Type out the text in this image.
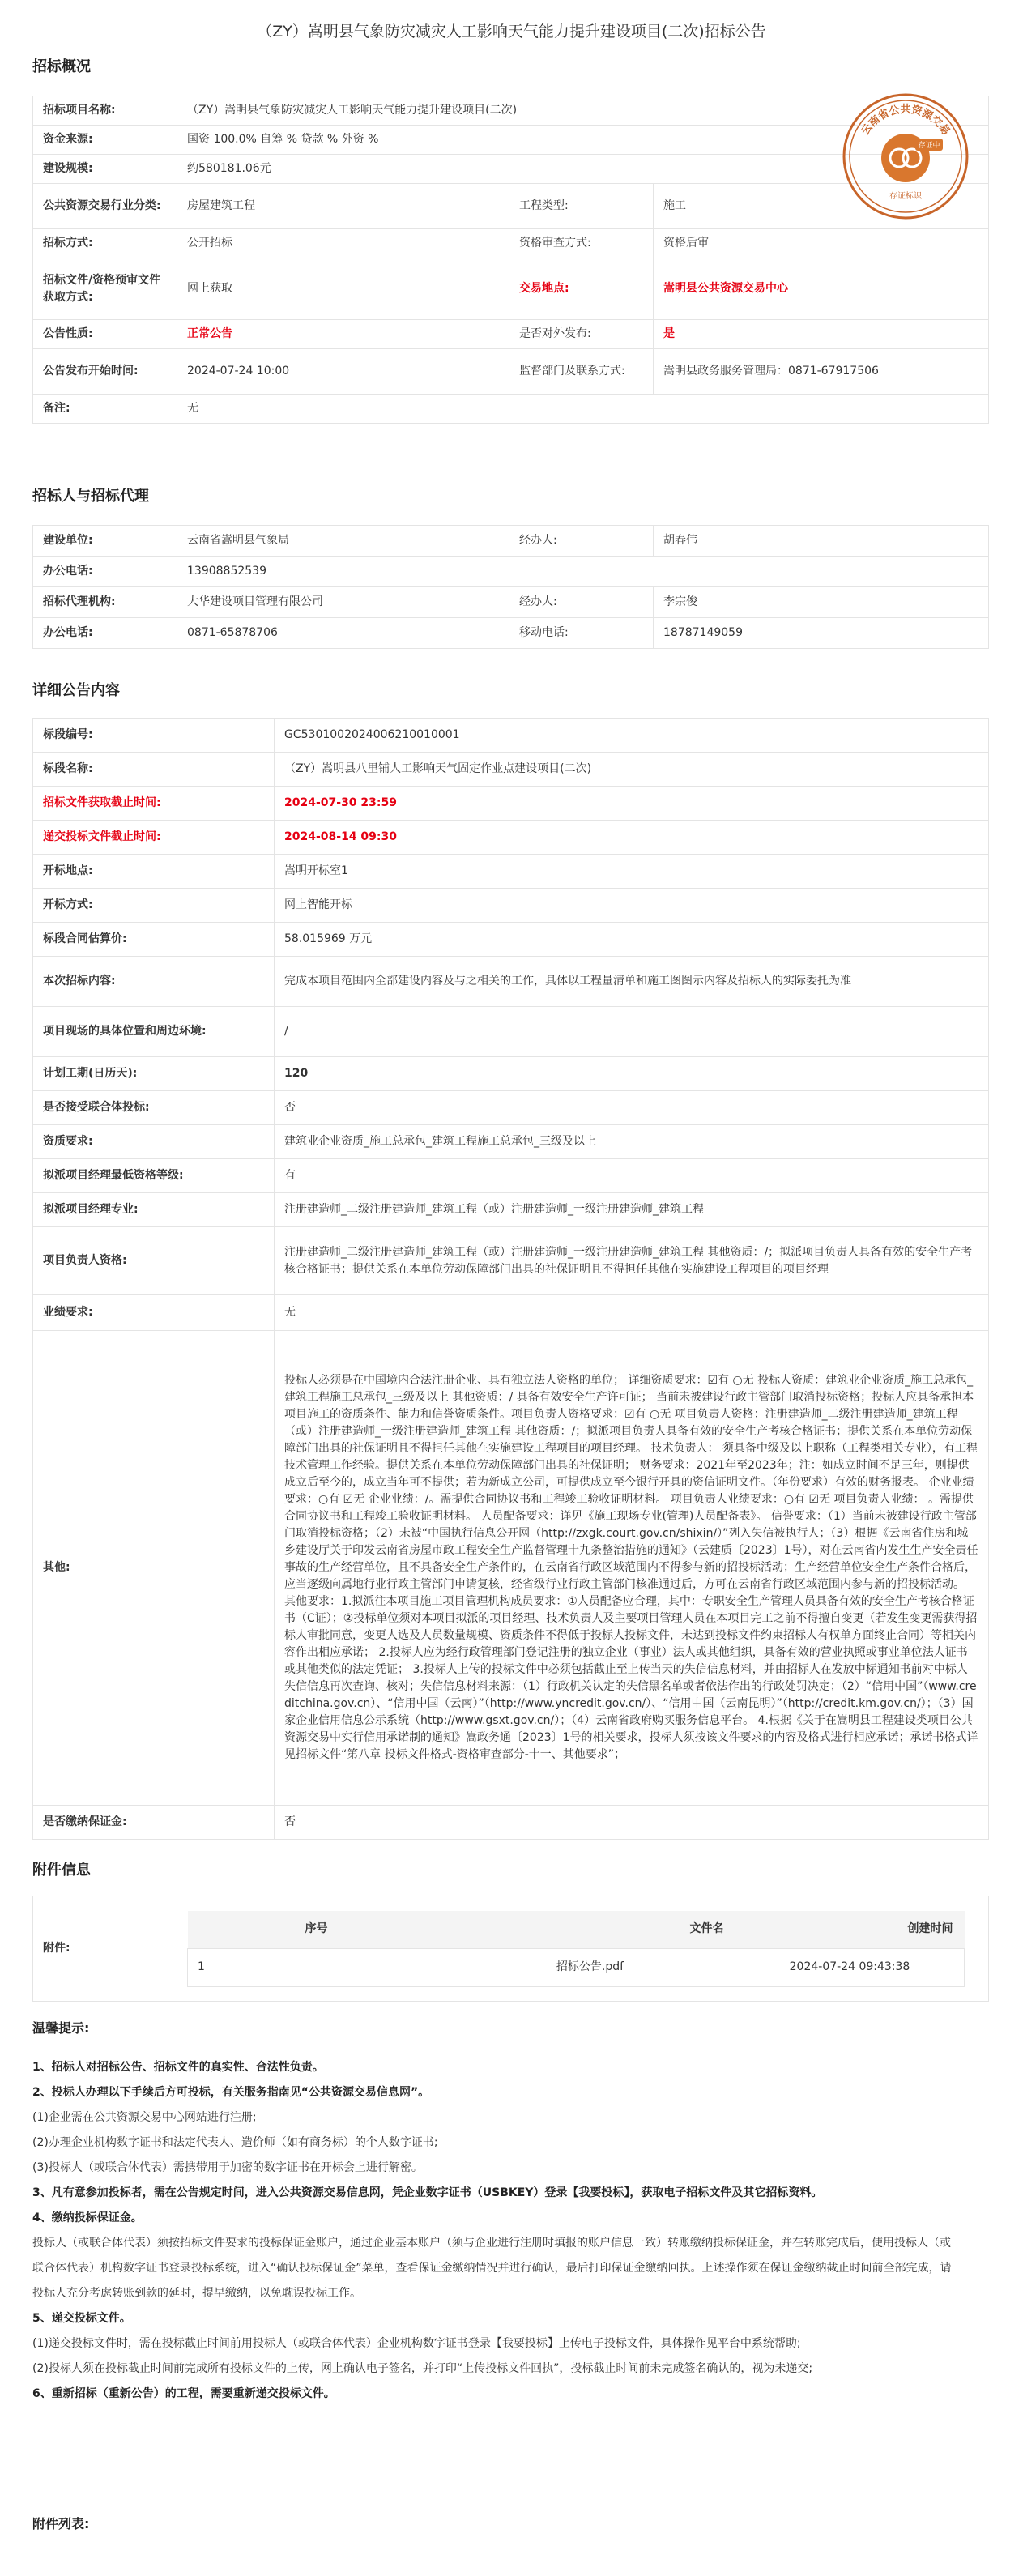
（ZY）嵩明县气象防灾减灾人工影响天气能力提升建设项目(二次)招标公告
招标概况
招标项目名称:	（ZY）嵩明县气象防灾减灾人工影响天气能力提升建设项目(二次)		
资金来源:	国资 100.0% 自筹 % 贷款 % 外资 %		
建设规模:	约580181.06元		
公共资源交易行业分类:	房屋建筑工程	工程类型:	施工
招标方式:	公开招标	资格审查方式:	资格后审
招标文件/资格预审文件获取方式:	网上获取	交易地点:	嵩明县公共资源交易中心
公告性质:	正常公告	是否对外发布:	是
公告发布开始时间:	2024-07-24 10:00	监督部门及联系方式:	嵩明县政务服务管理局：0871-67917506
备注:	无		
云南省公共资源交易
存证中
存证标识
招标人与招标代理
建设单位:	云南省嵩明县气象局	经办人:	胡春伟
办公电话:	13908852539		
招标代理机构:	大华建设项目管理有限公司	经办人:	李宗俊
办公电话:	0871-65878706	移动电话:	18787149059
详细公告内容
标段编号:	GC5301002024006210010001
标段名称:	（ZY）嵩明县八里铺人工影响天气固定作业点建设项目(二次)
招标文件获取截止时间:	2024-07-30 23:59
递交投标文件截止时间:	2024-08-14 09:30
开标地点:	嵩明开标室1
开标方式:	网上智能开标
标段合同估算价:	58.015969 万元
本次招标内容:	完成本项目范围内全部建设内容及与之相关的工作，具体以工程量清单和施工图图示内容及招标人的实际委托为准
项目现场的具体位置和周边环境:	/
计划工期(日历天):	120
是否接受联合体投标:	否
资质要求:	建筑业企业资质_施工总承包_建筑工程施工总承包_三级及以上
拟派项目经理最低资格等级:	有
拟派项目经理专业:	注册建造师_二级注册建造师_建筑工程（或）注册建造师_一级注册建造师_建筑工程
项目负责人资格:	注册建造师_二级注册建造师_建筑工程（或）注册建造师_一级注册建造师_建筑工程 其他资质：/；拟派项目负责人具备有效的安全生产考核合格证书；提供关系在本单位劳动保障部门出具的社保证明且不得担任其他在实施建设工程项目的项目经理
业绩要求:	无
其他:	投标人必须是在中国境内合法注册企业、具有独立法人资格的单位； 详细资质要求：☑有 ○无 投标人资质：建筑业企业资质_施工总承包_建筑工程施工总承包_三级及以上 其他资质：/ 具备有效安全生产许可证； 当前未被建设行政主管部门取消投标资格；投标人应具备承担本项目施工的资质条件、能力和信誉资质条件。项目负责人资格要求：☑有 ○无 项目负责人资格：注册建造师_二级注册建造师_建筑工程（或）注册建造师_一级注册建造师_建筑工程 其他资质：/；拟派项目负责人具备有效的安全生产考核合格证书；提供关系在本单位劳动保障部门出具的社保证明且不得担任其他在实施建设工程项目的项目经理。 技术负责人： 须具备中级及以上职称（工程类相关专业），有工程技术管理工作经验。提供关系在本单位劳动保障部门出具的社保证明； 财务要求：2021年至2023年；注：如成立时间不足三年，则提供成立后至今的，成立当年可不提供；若为新成立公司，可提供成立至今银行开具的资信证明文件。（年份要求）有效的财务报表。 企业业绩要求：○有 ☑无 企业业绩：/。需提供合同协议书和工程竣工验收证明材料。 项目负责人业绩要求：○有 ☑无 项目负责人业绩： 。需提供合同协议书和工程竣工验收证明材料。 人员配备要求：详见《施工现场专业(管理)人员配备表》。 信誉要求：（1）当前未被建设行政主管部门取消投标资格；（2）未被“中国执行信息公开网（http://zxgk.court.gov.cn/shixin/）”列入失信被执行人；（3）根据《云南省住房和城乡建设厅关于印发云南省房屋市政工程安全生产监督管理十九条整治措施的通知》（云建质〔2023〕1号），对在云南省内发生生产安全责任事故的生产经营单位，且不具备安全生产条件的，在云南省行政区域范围内不得参与新的招投标活动；生产经营单位安全生产条件合格后，应当逐级向属地行业行政主管部门申请复核，经省级行业行政主管部门核准通过后，方可在云南省行政区域范围内参与新的招投标活动。 其他要求：1.拟派往本项目施工项目管理机构成员要求：①人员配备应合理，其中：专职安全生产管理人员具备有效的安全生产考核合格证书（C证）；②投标单位须对本项目拟派的项目经理、技术负责人及主要项目管理人员在本项目完工之前不得擅自变更（若发生变更需获得招标人审批同意，变更人选及人员数量规模、资质条件不得低于投标人投标文件，未达到投标文件约束招标人有权单方面终止合同）等相关内容作出相应承诺； 2.投标人应为经行政管理部门登记注册的独立企业（事业）法人或其他组织，具备有效的营业执照或事业单位法人证书或其他类似的法定凭证； 3.投标人上传的投标文件中必须包括截止至上传当天的失信信息材料，并由招标人在发放中标通知书前对中标人失信信息再次查询、核对；失信信息材料来源：（1）行政机关认定的失信黑名单或者依法作出的行政处罚决定；（2）“信用中国”（www.creditchina.gov.cn）、“信用中国（云南）”（http://www.yncredit.gov.cn/）、“信用中国（云南昆明）”（http://credit.km.gov.cn/）；（3）国家企业信用信息公示系统（http://www.gsxt.gov.cn/）；（4）云南省政府购买服务信息平台。 4.根据《关于在嵩明县工程建设类项目公共资源交易中实行信用承诺制的通知》嵩政务通〔2023〕1号的相关要求，投标人须按该文件要求的内容及格式进行相应承诺；承诺书格式详见招标文件“第八章 投标文件格式-资格审查部分-十一、其他要求”；
是否缴纳保证金:	否
附件信息
附件:	
序号	文件名	创建时间
1	招标公告.pdf	2024-07-24 09:43:38

温馨提示:

1、招标人对招标公告、招标文件的真实性、合法性负责。

2、投标人办理以下手续后方可投标，有关服务指南见“公共资源交易信息网”。

(1)企业需在公共资源交易中心网站进行注册;

(2)办理企业机构数字证书和法定代表人、造价师（如有商务标）的个人数字证书;

(3)投标人（或联合体代表）需携带用于加密的数字证书在开标会上进行解密。

3、凡有意参加投标者，需在公告规定时间，进入公共资源交易信息网，凭企业数字证书（USBKEY）登录【我要投标】，获取电子招标文件及其它招标资料。

4、缴纳投标保证金。

投标人（或联合体代表）须按招标文件要求的投标保证金账户，通过企业基本账户（须与企业进行注册时填报的账户信息一致）转账缴纳投标保证金，并在转账完成后，使用投标人（或联合体代表）机构数字证书登录投标系统，进入“确认投标保证金”菜单，查看保证金缴纳情况并进行确认，最后打印保证金缴纳回执。上述操作须在保证金缴纳截止时间前全部完成，请投标人充分考虑转账到款的延时，提早缴纳，以免耽误投标工作。

5、递交投标文件。

(1)递交投标文件时，需在投标截止时间前用投标人（或联合体代表）企业机构数字证书登录【我要投标】上传电子投标文件，具体操作见平台中系统帮助;

(2)投标人须在投标截止时间前完成所有投标文件的上传，网上确认电子签名，并打印“上传投标文件回执”，投标截止时间前未完成签名确认的，视为未递交;

6、重新招标（重新公告）的工程，需要重新递交投标文件。

附件列表:
